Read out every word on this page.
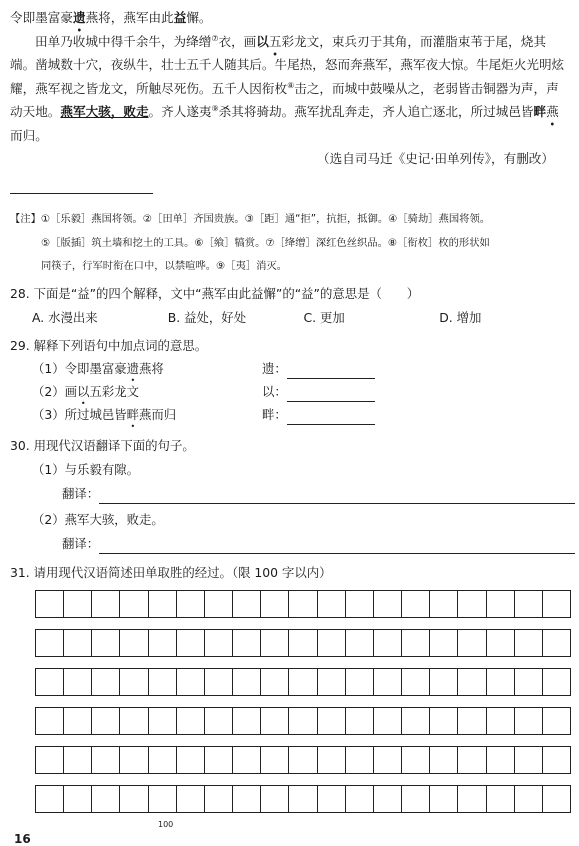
令即墨富豪遗燕将，燕军由此益懈。

田单乃收城中得千余牛，为绛缯⑦衣，画以五彩龙文，束兵刃于其角，而灌脂束苇于尾，烧其端。凿城数十穴，夜纵牛，壮士五千人随其后。牛尾热，怒而奔燕军，燕军夜大惊。牛尾炬火光明炫耀，燕军视之皆龙文，所触尽死伤。五千人因衔枚⑧击之，而城中鼓噪从之，老弱皆击铜器为声，声动天地。燕军大骇，败走。齐人遂夷⑨杀其将骑劫。燕军扰乱奔走，齐人追亡逐北，所过城邑皆畔燕而归。

（选自司马迁《史记·田单列传》，有删改）

【注】①［乐毅］燕国将领。②［田单］齐国贵族。③［距］通“拒”，抗拒，抵御。④［骑劫］燕国将领。

⑤［版插］筑土墙和挖土的工具。⑥［飨］犒赏。⑦［绛缯］深红色丝织品。⑧［衔枚］枚的形状如

同筷子，行军时衔在口中，以禁喧哗。⑨［夷］消灭。

28. 下面是“益”的四个解释，文中“燕军由此益懈”的“益”的意思是（　　）
A. 水漫出来	B. 益处，好处	C. 更加	D. 增加
29. 解释下列语句中加点词的意思。
（1）令即墨富豪遗燕将	遗：
（2）画以五彩龙文	以：
（3）所过城邑皆畔燕而归	畔：
30. 用现代汉语翻译下面的句子。
（1）与乐毅有隙。
翻译：
（2）燕军大骇，败走。
翻译：
31. 请用现代汉语简述田单取胜的经过。（限 100 字以内）
100
16
